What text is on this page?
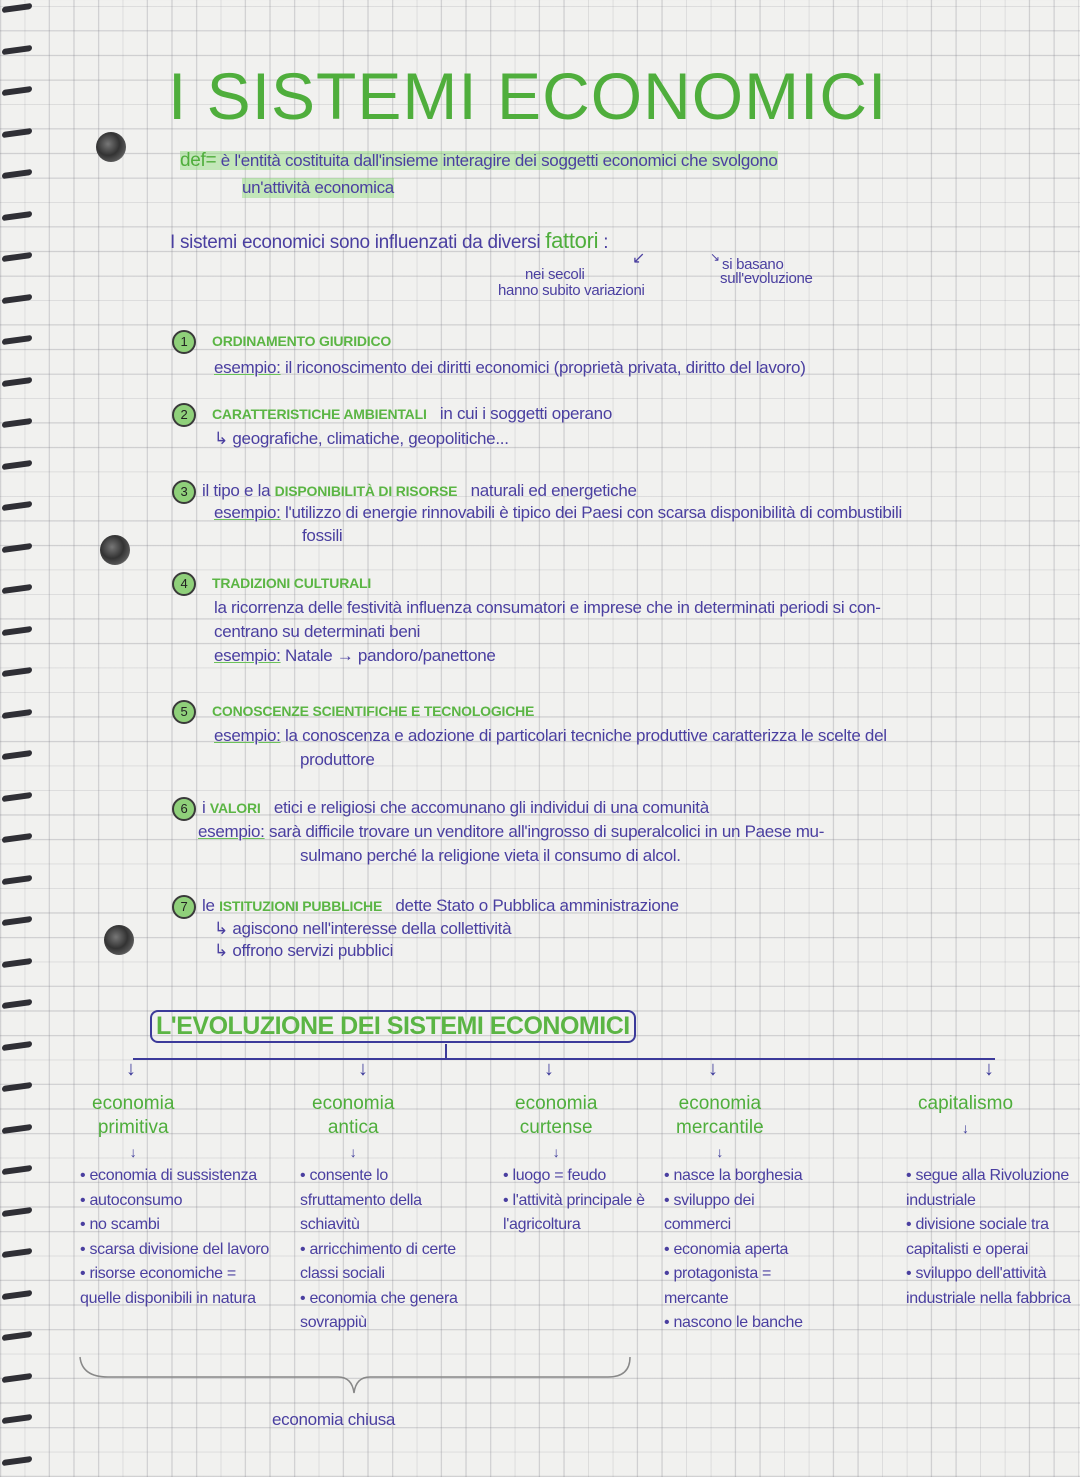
I SISTEMI ECONOMICI
def= è l'entità costituita dall'insieme interagire dei soggetti economici che svolgono
un'attività economica
I sistemi economici sono influenzati da diversi fattori :
↙	↘
nei secoli
hanno subito variazioni
si basano
sull'evoluzione
1 ORDINAMENTO GIURIDICO
esempio: il riconoscimento dei diritti economici (proprietà privata, diritto del lavoro)
2 CARATTERISTICHE AMBIENTALI in cui i soggetti operano
↳ geografiche, climatiche, geopolitiche...
3 il tipo e la DISPONIBILITÀ DI RISORSE naturali ed energetiche
esempio: l'utilizzo di energie rinnovabili è tipico dei Paesi con scarsa disponibilità di combustibili
fossili
4 TRADIZIONI CULTURALI
la ricorrenza delle festività influenza consumatori e imprese che in determinati periodi si con-
centrano su determinati beni
esempio: Natale → pandoro/panettone
5 CONOSCENZE SCIENTIFICHE E TECNOLOGICHE
esempio: la conoscenza e adozione di particolari tecniche produttive caratterizza le scelte del
produttore
6 i VALORI etici e religiosi che accomunano gli individui di una comunità
esempio: sarà difficile trovare un venditore all'ingrosso di superalcolici in un Paese mu-
sulmano perché la religione vieta il consumo di alcol.
7 le ISTITUZIONI PUBBLICHE dette Stato o Pubblica amministrazione
↳ agiscono nell'interesse della collettività
↳ offrono servizi pubblici
L'EVOLUZIONE DEI SISTEMI ECONOMICI
↓
economia
primitiva
↓
• economia di sussistenza
• autoconsumo
• no scambi
• scarsa divisione del lavoro
• risorse economiche = quelle disponibili in natura
↓
economia
antica
↓
• consente lo sfruttamento della schiavitù
• arricchimento di certe classi sociali
• economia che genera sovrappiù
↓
economia
curtense
↓
• luogo = feudo
• l'attività principale è l'agricoltura
↓
economia
mercantile
↓
• nasce la borghesia
• sviluppo dei commerci
• economia aperta
• protagonista = mercante
• nascono le banche
↓
capitalismo
↓
• segue alla Rivoluzione industriale
• divisione sociale tra capitalisti e operai
• sviluppo dell'attività industriale nella fabbrica
economia chiusa
